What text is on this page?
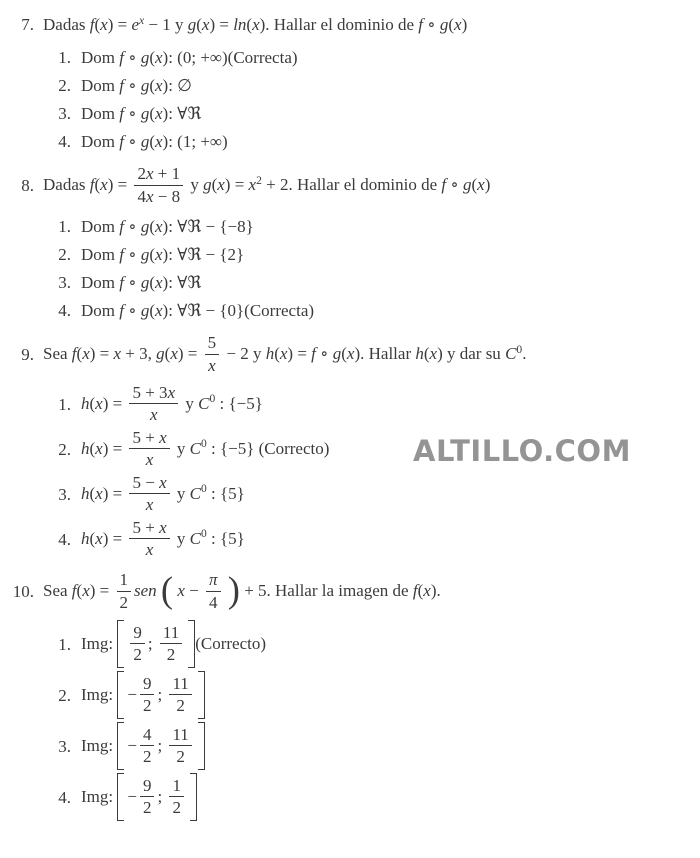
ALTILLO.COM
7. Dadas $f(x) = e^x - 1$ y g(x) = ln(x). Hallar el dominio de f ∘ g(x)
1. Dom f ∘ g(x): (0; +∞)(Correcta)
2. Dom f ∘ g(x): ∅
3. Dom f ∘ g(x): ∀ℜ
4. Dom f ∘ g(x): (1; +∞)
8. Dadas $f(x) = \frac{2x + 1}{4x - 8}$ y $g(x) = x^2 + 2$. Hallar el dominio de f ∘ g(x)
1. Dom f ∘ g(x): ∀ℜ − {−8}
2. Dom f ∘ g(x): ∀ℜ − {2}
3. Dom f ∘ g(x): ∀ℜ
4. Dom f ∘ g(x): ∀ℜ − {0}(Correcta)
9. Sea f(x) = x + 3, $g(x) = \frac{5}{x} - 2$ y h(x) = f ∘ g(x). Hallar h(x) y dar su $C^0$.
1. $h(x) = \frac{5 + 3x}{x}$ y $C^0$ : {−5}
2. $h(x) = \frac{5 + x}{x}$ y $C^0$ : {−5} (Correcto)
3. $h(x) = \frac{5 - x}{x}$ y $C^0$ : {5}
4. $h(x) = \frac{5 + x}{x}$ y $C^0$ : {5}
10. Sea $f(x) = \frac{1}{2}$ sen ( $x - \frac{\pi}{4}$ ) + 5. Hallar la imagen de f(x).
1. Img: $\frac{9}{2}$ ; $\frac{11}{2}$ (Correcto)
2. Img: − $\frac{9}{2}$ ; $\frac{11}{2}$
3. Img: − $\frac{4}{2}$ ; $\frac{11}{2}$
4. Img: − $\frac{9}{2}$ ; $\frac{1}{2}$
